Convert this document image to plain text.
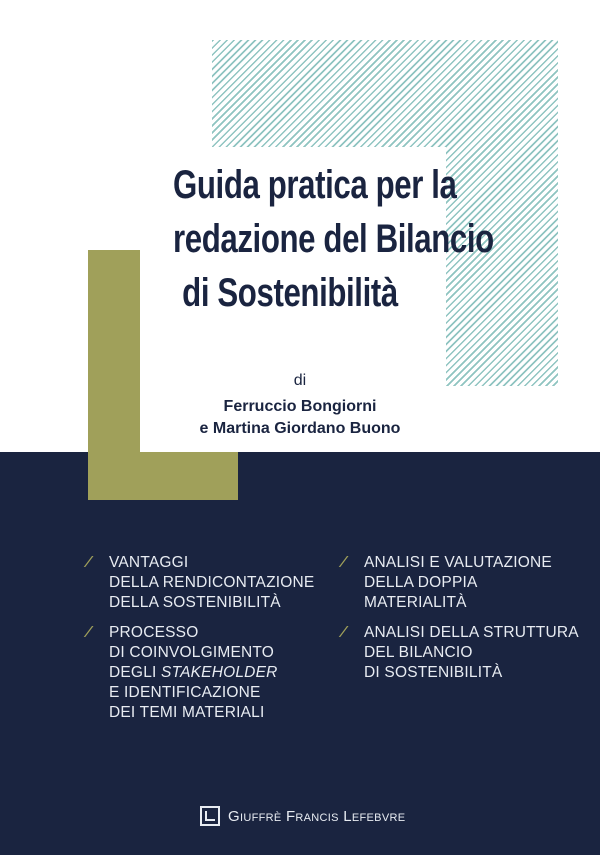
Guida pratica per la
redazione del Bilancio
di Sostenibilità
di
Ferruccio Bongiorni
e Martina Giordano Buono
⁄ VANTAGGI
DELLA RENDICONTAZIONE
DELLA SOSTENIBILITÀ
⁄ PROCESSO
DI COINVOLGIMENTO
DEGLI STAKEHOLDER
E IDENTIFICAZIONE
DEI TEMI MATERIALI
⁄ ANALISI E VALUTAZIONE
DELLA DOPPIA
MATERIALITÀ
⁄ ANALISI DELLA STRUTTURA
DEL BILANCIO
DI SOSTENIBILITÀ
Giuffrè Francis Lefebvre
